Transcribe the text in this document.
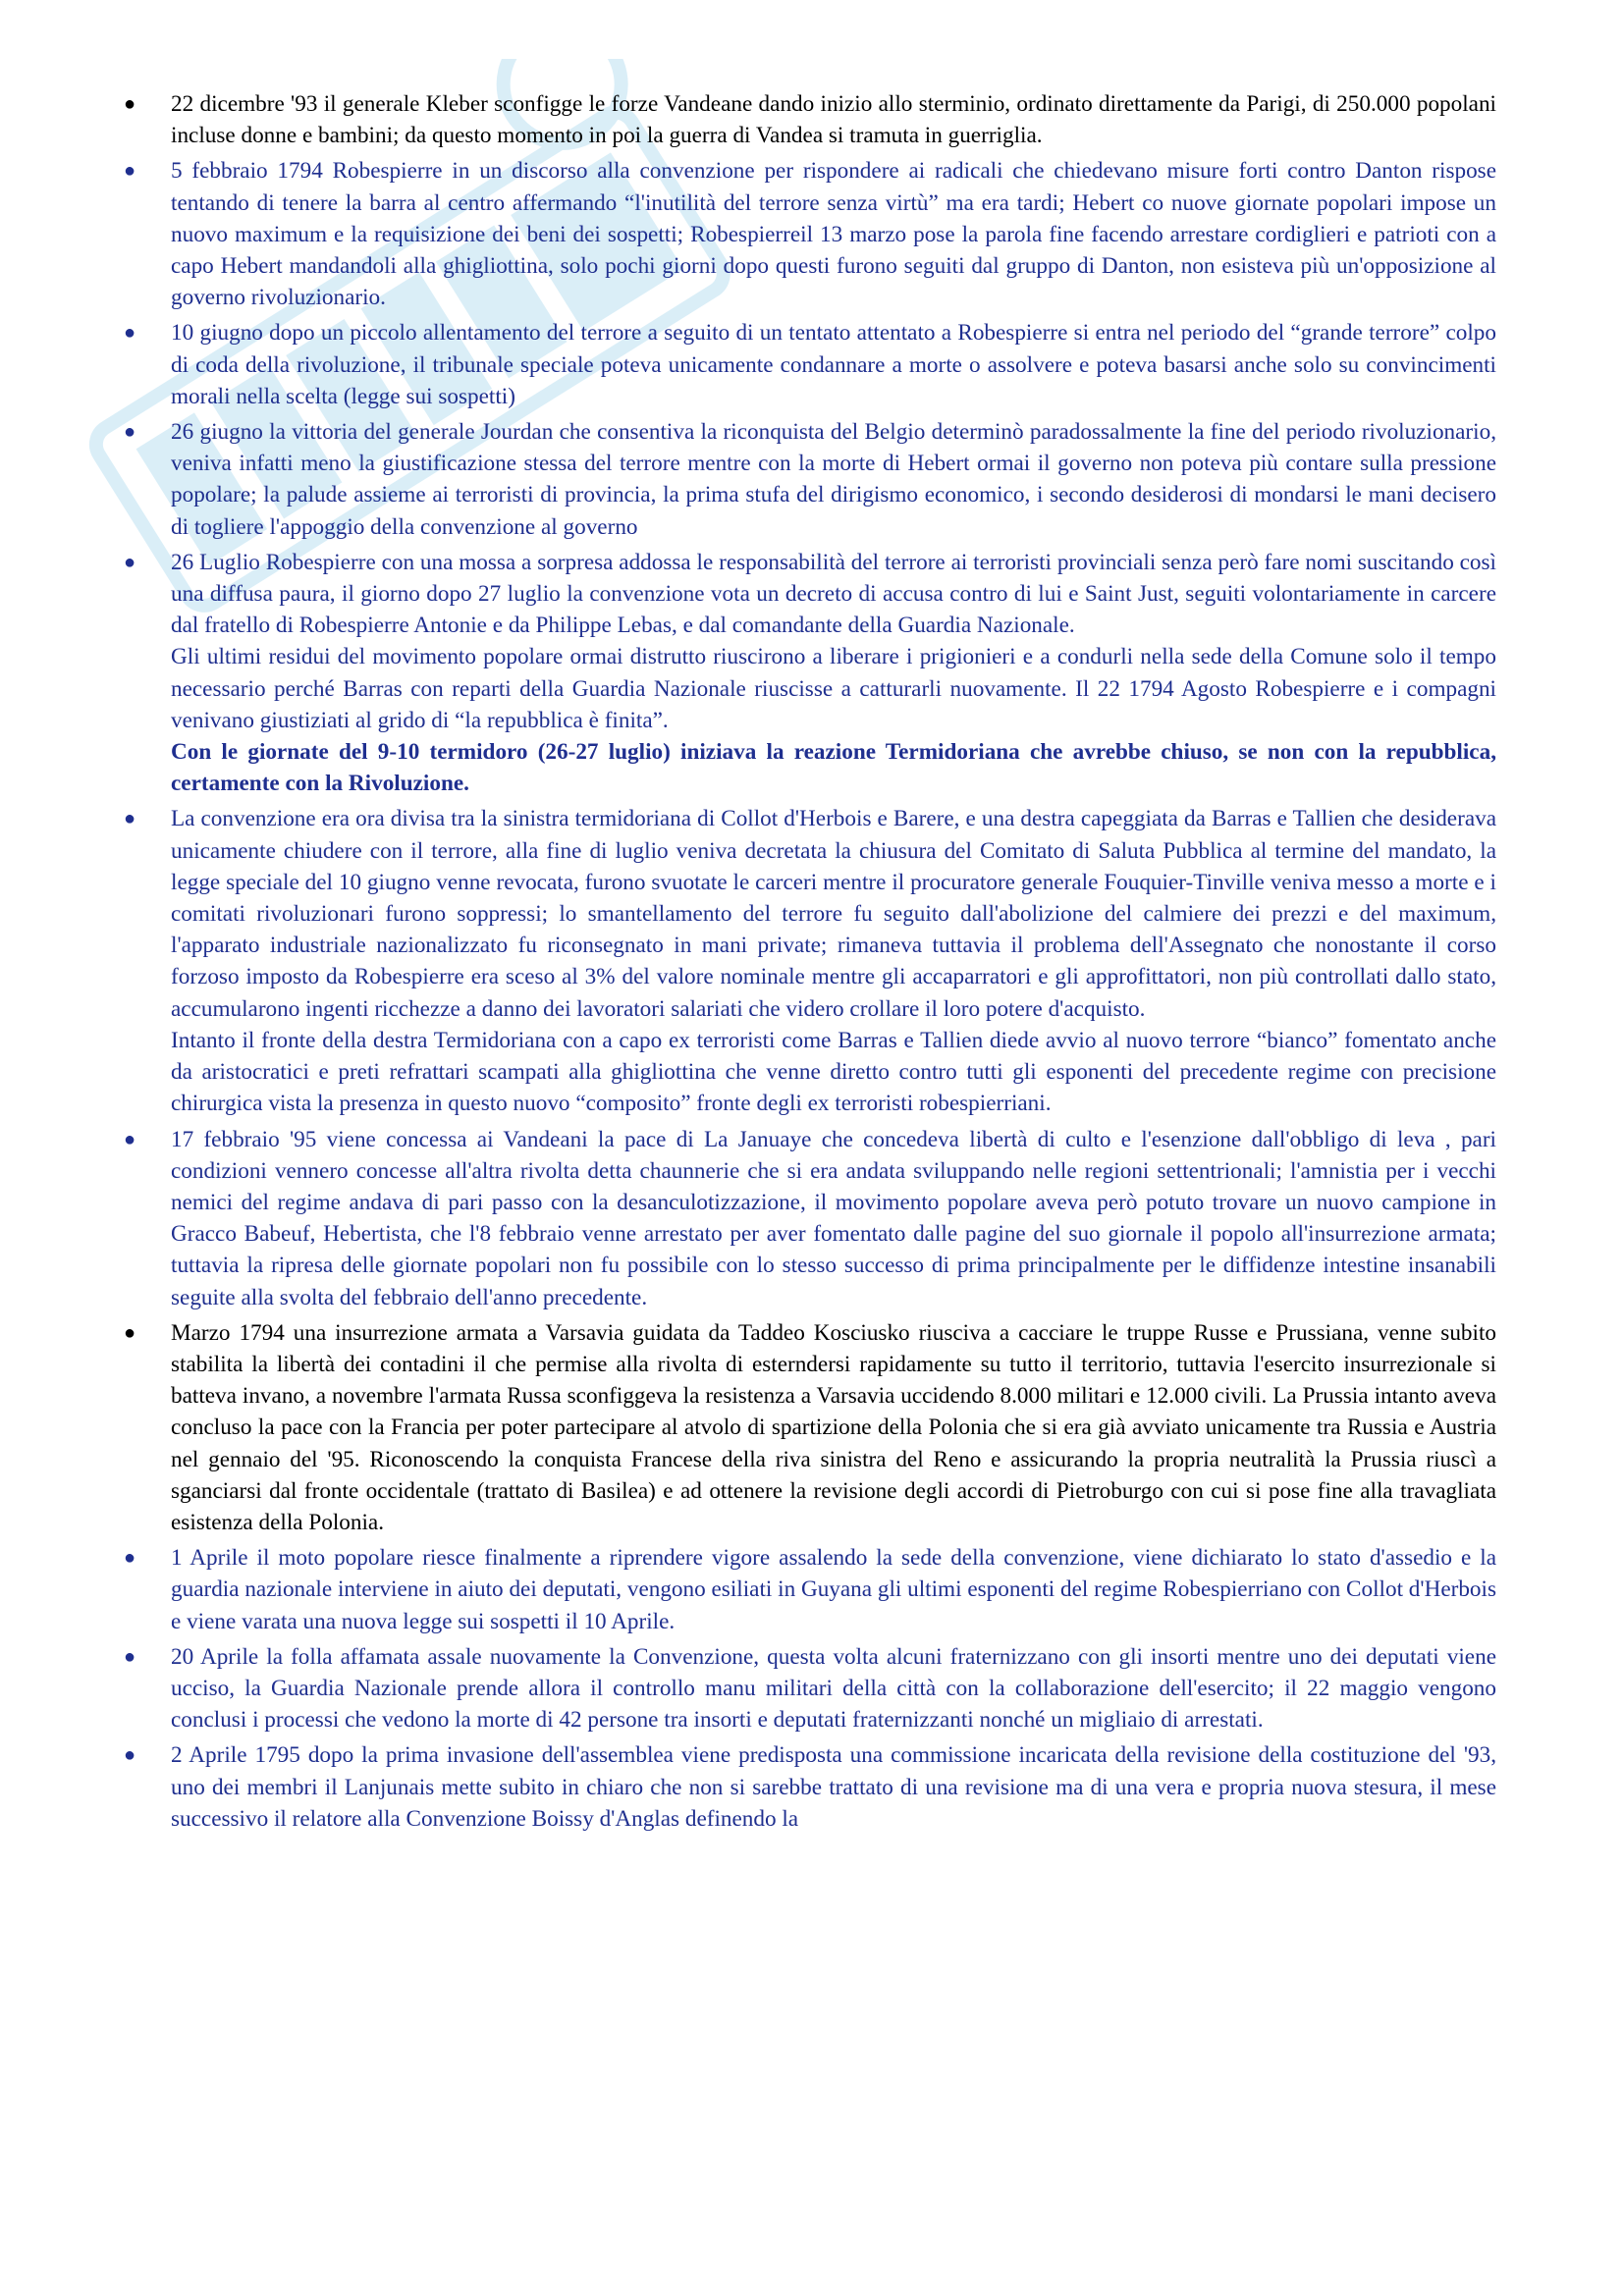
● 22 dicembre '93 il generale Kleber sconfigge le forze Vandeane dando inizio allo sterminio, ordinato direttamente da Parigi, di 250.000 popolani incluse donne e bambini; da questo momento in poi la guerra di Vandea si tramuta in guerriglia.

● 5 febbraio 1794 Robespierre in un discorso alla convenzione per rispondere ai radicali che chiedevano misure forti contro Danton rispose tentando di tenere la barra al centro affermando “l'inutilità del terrore senza virtù” ma era tardi; Hebert co nuove giornate popolari impose un nuovo maximum e la requisizione dei beni dei sospetti; Robespierreil 13 marzo pose la parola fine facendo arrestare cordiglieri e patrioti con a capo Hebert mandandoli alla ghigliottina, solo pochi giorni dopo questi furono seguiti dal gruppo di Danton, non esisteva più un'opposizione al governo rivoluzionario.

● 10 giugno dopo un piccolo allentamento del terrore a seguito di un tentato attentato a Robespierre si entra nel periodo del “grande terrore” colpo di coda della rivoluzione, il tribunale speciale poteva unicamente condannare a morte o assolvere e poteva basarsi anche solo su convincimenti morali nella scelta (legge sui sospetti)

● 26 giugno la vittoria del generale Jourdan che consentiva la riconquista del Belgio determinò paradossalmente la fine del periodo rivoluzionario, veniva infatti meno la giustificazione stessa del terrore mentre con la morte di Hebert ormai il governo non poteva più contare sulla pressione popolare; la palude assieme ai terroristi di provincia, la prima stufa del dirigismo economico, i secondo desiderosi di mondarsi le mani decisero di togliere l'appoggio della convenzione al governo

● 26 Luglio Robespierre con una mossa a sorpresa addossa le responsabilità del terrore ai terroristi provinciali senza però fare nomi suscitando così una diffusa paura, il giorno dopo 27 luglio la convenzione vota un decreto di accusa contro di lui e Saint Just, seguiti volontariamente in carcere dal fratello di Robespierre Antonie e da Philippe Lebas, e dal comandante della Guardia Nazionale.

Gli ultimi residui del movimento popolare ormai distrutto riuscirono a liberare i prigionieri e a condurli nella sede della Comune solo il tempo necessario perché Barras con reparti della Guardia Nazionale riuscisse a catturarli nuovamente. Il 22 1794 Agosto Robespierre e i compagni venivano giustiziati al grido di “la repubblica è finita”.

Con le giornate del 9-10 termidoro (26-27 luglio) iniziava la reazione Termidoriana che avrebbe chiuso, se non con la repubblica, certamente con la Rivoluzione.

● La convenzione era ora divisa tra la sinistra termidoriana di Collot d'Herbois e Barere, e una destra capeggiata da Barras e Tallien che desiderava unicamente chiudere con il terrore, alla fine di luglio veniva decretata la chiusura del Comitato di Saluta Pubblica al termine del mandato, la legge speciale del 10 giugno venne revocata, furono svuotate le carceri mentre il procuratore generale Fouquier-Tinville veniva messo a morte e i comitati rivoluzionari furono soppressi; lo smantellamento del terrore fu seguito dall'abolizione del calmiere dei prezzi e del maximum, l'apparato industriale nazionalizzato fu riconsegnato in mani private; rimaneva tuttavia il problema dell'Assegnato che nonostante il corso forzoso imposto da Robespierre era sceso al 3% del valore nominale mentre gli accaparratori e gli approfittatori, non più controllati dallo stato, accumularono ingenti ricchezze a danno dei lavoratori salariati che videro crollare il loro potere d'acquisto.

Intanto il fronte della destra Termidoriana con a capo ex terroristi come Barras e Tallien diede avvio al nuovo terrore “bianco” fomentato anche da aristocratici e preti refrattari scampati alla ghigliottina che venne diretto contro tutti gli esponenti del precedente regime con precisione chirurgica vista la presenza in questo nuovo “composito” fronte degli ex terroristi robespierriani.

● 17 febbraio '95 viene concessa ai Vandeani la pace di La Januaye che concedeva libertà di culto e l'esenzione dall'obbligo di leva , pari condizioni vennero concesse all'altra rivolta detta chaunnerie che si era andata sviluppando nelle regioni settentrionali; l'amnistia per i vecchi nemici del regime andava di pari passo con la desanculotizzazione, il movimento popolare aveva però potuto trovare un nuovo campione in Gracco Babeuf, Hebertista, che l'8 febbraio venne arrestato per aver fomentato dalle pagine del suo giornale il popolo all'insurrezione armata; tuttavia la ripresa delle giornate popolari non fu possibile con lo stesso successo di prima principalmente per le diffidenze intestine insanabili seguite alla svolta del febbraio dell'anno precedente.

● Marzo 1794 una insurrezione armata a Varsavia guidata da Taddeo Kosciusko riusciva a cacciare le truppe Russe e Prussiana, venne subito stabilita la libertà dei contadini il che permise alla rivolta di esterndersi rapidamente su tutto il territorio, tuttavia l'esercito insurrezionale si batteva invano, a novembre l'armata Russa sconfiggeva la resistenza a Varsavia uccidendo 8.000 militari e 12.000 civili. La Prussia intanto aveva concluso la pace con la Francia per poter partecipare al atvolo di spartizione della Polonia che si era già avviato unicamente tra Russia e Austria nel gennaio del '95. Riconoscendo la conquista Francese della riva sinistra del Reno e assicurando la propria neutralità la Prussia riuscì a sganciarsi dal fronte occidentale (trattato di Basilea) e ad ottenere la revisione degli accordi di Pietroburgo con cui si pose fine alla travagliata esistenza della Polonia.

● 1 Aprile il moto popolare riesce finalmente a riprendere vigore assalendo la sede della convenzione, viene dichiarato lo stato d'assedio e la guardia nazionale interviene in aiuto dei deputati, vengono esiliati in Guyana gli ultimi esponenti del regime Robespierriano con Collot d'Herbois e viene varata una nuova legge sui sospetti il 10 Aprile.

● 20 Aprile la folla affamata assale nuovamente la Convenzione, questa volta alcuni fraternizzano con gli insorti mentre uno dei deputati viene ucciso, la Guardia Nazionale prende allora il controllo manu militari della città con la collaborazione dell'esercito; il 22 maggio vengono conclusi i processi che vedono la morte di 42 persone tra insorti e deputati fraternizzanti nonché un migliaio di arrestati.

● 2 Aprile 1795 dopo la prima invasione dell'assemblea viene predisposta una commissione incaricata della revisione della costituzione del '93, uno dei membri il Lanjunais mette subito in chiaro che non si sarebbe trattato di una revisione ma di una vera e propria nuova stesura, il mese successivo il relatore alla Convenzione Boissy d'Anglas definendo la
